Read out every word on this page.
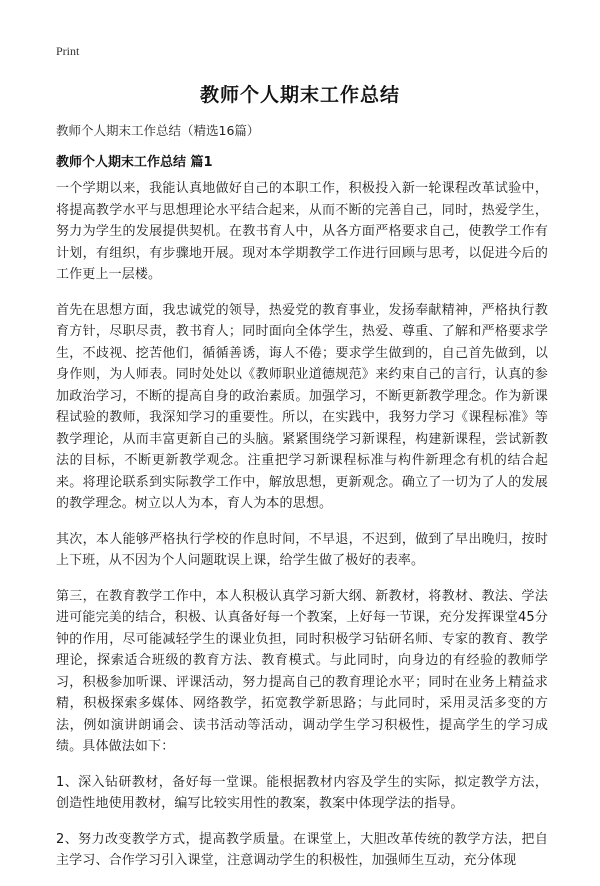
Print
教师个人期末工作总结
教师个人期末工作总结（精选16篇）
教师个人期末工作总结 篇1

一个学期以来，我能认真地做好自己的本职工作，积极投入新一轮课程改革试验中，将提高教学水平与思想理论水平结合起来，从而不断的完善自己，同时，热爱学生，努力为学生的发展提供契机。在教书育人中，从各方面严格要求自己，使教学工作有计划，有组织，有步骤地开展。现对本学期教学工作进行回顾与思考，以促进今后的工作更上一层楼。

首先在思想方面，我忠诚党的领导，热爱党的教育事业，发扬奉献精神，严格执行教育方针，尽职尽责，教书育人；同时面向全体学生，热爱、尊重、了解和严格要求学生，不歧视、挖苦他们，循循善诱，诲人不倦；要求学生做到的，自己首先做到，以身作则，为人师表。同时处处以《教师职业道德规范》来约束自己的言行，认真的参加政治学习，不断的提高自身的政治素质。加强学习，不断更新教学理念。作为新课程试验的教师，我深知学习的重要性。所以，在实践中，我努力学习《课程标准》等教学理论，从而丰富更新自己的头脑。紧紧围绕学习新课程，构建新课程，尝试新教法的目标，不断更新教学观念。注重把学习新课程标准与构件新理念有机的结合起来。将理论联系到实际教学工作中，解放思想，更新观念。确立了一切为了人的发展的教学理念。树立以人为本，育人为本的思想。

其次，本人能够严格执行学校的作息时间，不早退，不迟到，做到了早出晚归，按时上下班，从不因为个人问题耽误上课，给学生做了极好的表率。

第三，在教育教学工作中，本人积极认真学习新大纲、新教材，将教材、教法、学法进可能完美的结合，积极、认真备好每一个教案，上好每一节课，充分发挥课堂45分钟的作用，尽可能减轻学生的课业负担，同时积极学习钻研名师、专家的教育、教学理论，探索适合班级的教育方法、教育模式。与此同时，向身边的有经验的教师学习，积极参加听课、评课活动，努力提高自己的教育理论水平；同时在业务上精益求精，积极探索多媒体、网络教学，拓宽教学新思路；与此同时，采用灵活多变的方法，例如演讲朗诵会、读书活动等活动，调动学生学习积极性，提高学生的学习成绩。具体做法如下：

1、深入钻研教材，备好每一堂课。能根据教材内容及学生的实际，拟定教学方法，创造性地使用教材，编写比较实用性的教案，教案中体现学法的指导。

2、努力改变教学方式，提高教学质量。在课堂上，大胆改革传统的教学方法，把自主学习、合作学习引入课堂，注意调动学生的积极性，加强师生互动，充分体现
